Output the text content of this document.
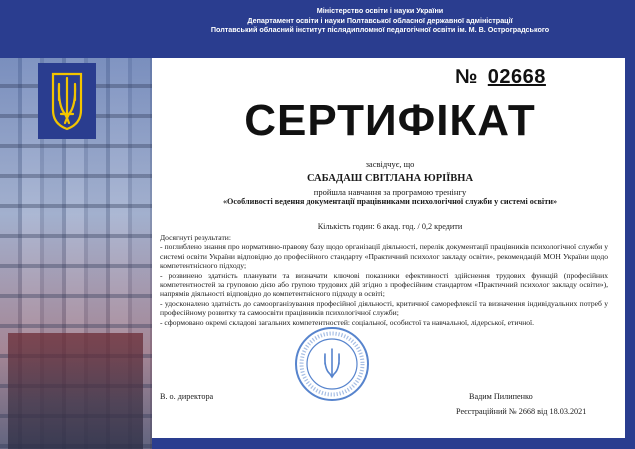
Міністерство освіти і науки України
Департамент освіти і науки Полтавської обласної державної адміністрації
Полтавський обласний інститут післядипломної педагогічної освіти ім. М. В. Остроградського
№ 02668
СЕРТИФІКАТ
засвідчує, що
САБАДАШ СВІТЛАНА ЮРІЇВНА
пройшла навчання за програмою тренінгу
«Особливості ведення документації працівниками психологічної служби у системі освіти»
Кількість годин: 6 акад. год. / 0,2 кредити

Досягнуті результати:

- поглиблено знання про нормативно-правову базу щодо організації діяльності, перелік документації працівників психологічної служби у системі освіти України відповідно до професійного стандарту «Практичний психолог закладу освіти», рекомендацій МОН України щодо компетентнісного підходу;

- розвинено здатність планувати та визначати ключові показники ефективності здійснення трудових функцій (професійних компетентностей за груповою дією або групою трудових дій згідно з професійним стандартом «Практичний психолог закладу освіти»), напрямів діяльності відповідно до компетентнісного підходу в освіті;

- удосконалено здатність до самоорганізування професійної діяльності, критичної саморефлексії та визначення індивідуальних потреб у професійному розвитку та самоосвіти працівників психологічної служби;

- сформовано окремі складові загальних компетентностей: соціальної, особистої та навчальної, лідерської, етичної.

В. о. директора	Вадим Пилипенко
Реєстраційний № 2668 від 18.03.2021
